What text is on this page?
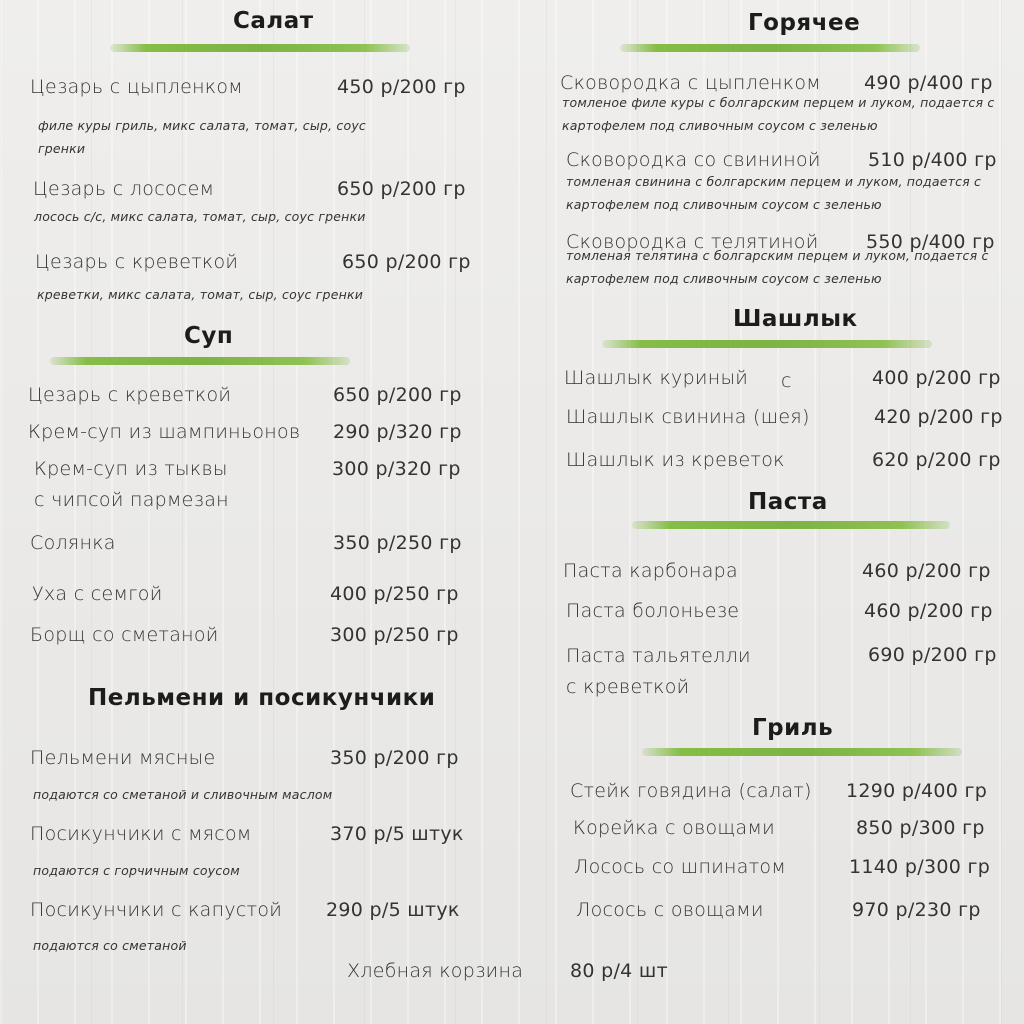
Салат
Цезарь с цыпленком	450 р/200 гр
филе куры гриль, микс салата, томат, сыр, соус гренки
Цезарь с лососем	650 р/200 гр
лосось с/с, микс салата, томат, сыр, соус гренки
Цезарь с креветкой	650 р/200 гр
креветки, микс салата, томат, сыр, соус гренки
Суп
Цезарь с креветкой	650 р/200 гр
Крем-суп из шампиньонов 290 р/320 гр
Крем-суп из тыквы с чипсой пармезан
300 р/320 гр
Солянка	350 р/250 гр
Уха с семгой	400 р/250 гр
Борщ со сметаной	300 р/250 гр
Пельмени и посикунчики
Пельмени мясные	350 р/200 гр
подаются со сметаной и сливочным маслом
Посикунчики с мясом	370 р/5 штук
подаются с горчичным соусом
Посикунчики с капустой 290 р/5 штук
подаются со сметаной
Хлебная корзина 80 р/4 шт
Горячее
Сковородка с цыпленком 490 р/400 гр
томленое филе куры с болгарским перцем и луком, подается с картофелем под сливочным соусом с зеленью
Сковородка со свининой 510 р/400 гр
томленая свинина с болгарским перцем и луком, подается с картофелем под сливочным соусом с зеленью
Сковородка с телятиной 550 р/400 гр
томленая телятина с болгарским перцем и луком, подается с картофелем под сливочным соусом с зеленью
Шашлык
Шашлык куриный с	400 р/200 гр
Шашлык свинина (шея)	420 р/200 гр
Шашлык из креветок	620 р/200 гр
Паста
Паста карбонара	460 р/200 гр
Паста болоньезе	460 р/200 гр
Паста тальятелли с креветкой
690 р/200 гр
Гриль
Стейк говядина (салат) 1290 р/400 гр
Корейка с овощами	850 р/300 гр
Лосось со шпинатом	1140 р/300 гр
Лосось с овощами	970 р/230 гр
